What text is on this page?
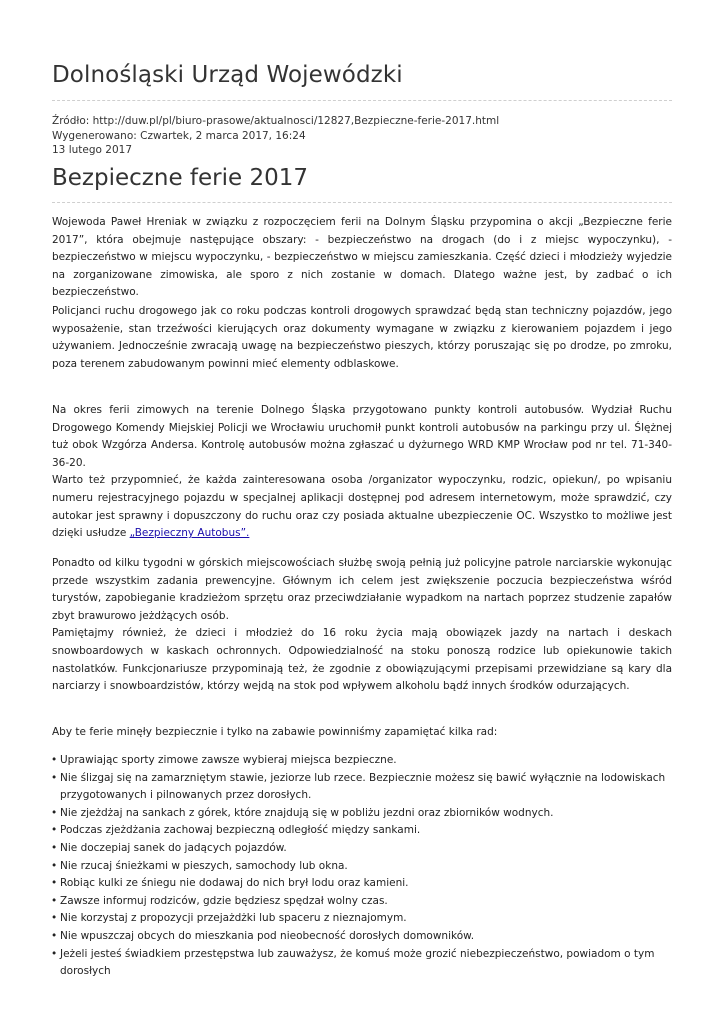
Dolnośląski Urząd Wojewódzki
Źródło: http://duw.pl/pl/biuro-prasowe/aktualnosci/12827,Bezpieczne-ferie-2017.html
Wygenerowano: Czwartek, 2 marca 2017, 16:24
13 lutego 2017
Bezpieczne ferie 2017

Wojewoda Paweł Hreniak w związku z rozpoczęciem ferii na Dolnym Śląsku przypomina o akcji „Bezpieczne ferie 2017”, która obejmuje następujące obszary: - bezpieczeństwo na drogach (do i z miejsc wypoczynku), - bezpieczeństwo w miejscu wypoczynku, - bezpieczeństwo w miejscu zamieszkania. Część dzieci i młodzieży wyjedzie na zorganizowane zimowiska, ale sporo z nich zostanie w domach. Dlatego ważne jest, by zadbać o ich bezpieczeństwo.

Policjanci ruchu drogowego jak co roku podczas kontroli drogowych sprawdzać będą stan techniczny pojazdów, jego wyposażenie, stan trzeźwości kierujących oraz dokumenty wymagane w związku z kierowaniem pojazdem i jego używaniem. Jednocześnie zwracają uwagę na bezpieczeństwo pieszych, którzy poruszając się po drodze, po zmroku, poza terenem zabudowanym powinni mieć elementy odblaskowe.

Na okres ferii zimowych na terenie Dolnego Śląska przygotowano punkty kontroli autobusów. Wydział Ruchu Drogowego Komendy Miejskiej Policji we Wrocławiu uruchomił punkt kontroli autobusów na parkingu przy ul. Ślężnej tuż obok Wzgórza Andersa. Kontrolę autobusów można zgłaszać u dyżurnego WRD KMP Wrocław pod nr tel. 71-340-36-20.

Warto też przypomnieć, że każda zainteresowana osoba /organizator wypoczynku, rodzic, opiekun/, po wpisaniu numeru rejestracyjnego pojazdu w specjalnej aplikacji dostępnej pod adresem internetowym, może sprawdzić, czy autokar jest sprawny i dopuszczony do ruchu oraz czy posiada aktualne ubezpieczenie OC. Wszystko to możliwe jest dzięki usłudze „Bezpieczny Autobus”.

Ponadto od kilku tygodni w górskich miejscowościach służbę swoją pełnią już policyjne patrole narciarskie wykonując przede wszystkim zadania prewencyjne. Głównym ich celem jest zwiększenie poczucia bezpieczeństwa wśród turystów, zapobieganie kradzieżom sprzętu oraz przeciwdziałanie wypadkom na nartach poprzez studzenie zapałów zbyt brawurowo jeżdżących osób.

Pamiętajmy również, że dzieci i młodzież do 16 roku życia mają obowiązek jazdy na nartach i deskach snowboardowych w kaskach ochronnych. Odpowiedzialność na stoku ponoszą rodzice lub opiekunowie takich nastolatków. Funkcjonariusze przypominają też, że zgodnie z obowiązującymi przepisami przewidziane są kary dla narciarzy i snowboardzistów, którzy wejdą na stok pod wpływem alkoholu bądź innych środków odurzających.

Aby te ferie minęły bezpiecznie i tylko na zabawie powinniśmy zapamiętać kilka rad:

• Uprawiając sporty zimowe zawsze wybieraj miejsca bezpieczne.
• Nie ślizgaj się na zamarzniętym stawie, jeziorze lub rzece. Bezpiecznie możesz się bawić wyłącznie na lodowiskach przygotowanych i pilnowanych przez dorosłych.
• Nie zjeżdżaj na sankach z górek, które znajdują się w pobliżu jezdni oraz zbiorników wodnych.
• Podczas zjeżdżania zachowaj bezpieczną odległość między sankami.
• Nie doczepiaj sanek do jadących pojazdów.
• Nie rzucaj śnieżkami w pieszych, samochody lub okna.
• Robiąc kulki ze śniegu nie dodawaj do nich brył lodu oraz kamieni.
• Zawsze informuj rodziców, gdzie będziesz spędzał wolny czas.
• Nie korzystaj z propozycji przejażdżki lub spaceru z nieznajomym.
• Nie wpuszczaj obcych do mieszkania pod nieobecność dorosłych domowników.
• Jeżeli jesteś świadkiem przestępstwa lub zauważysz, że komuś może grozić niebezpieczeństwo, powiadom o tym dorosłych
